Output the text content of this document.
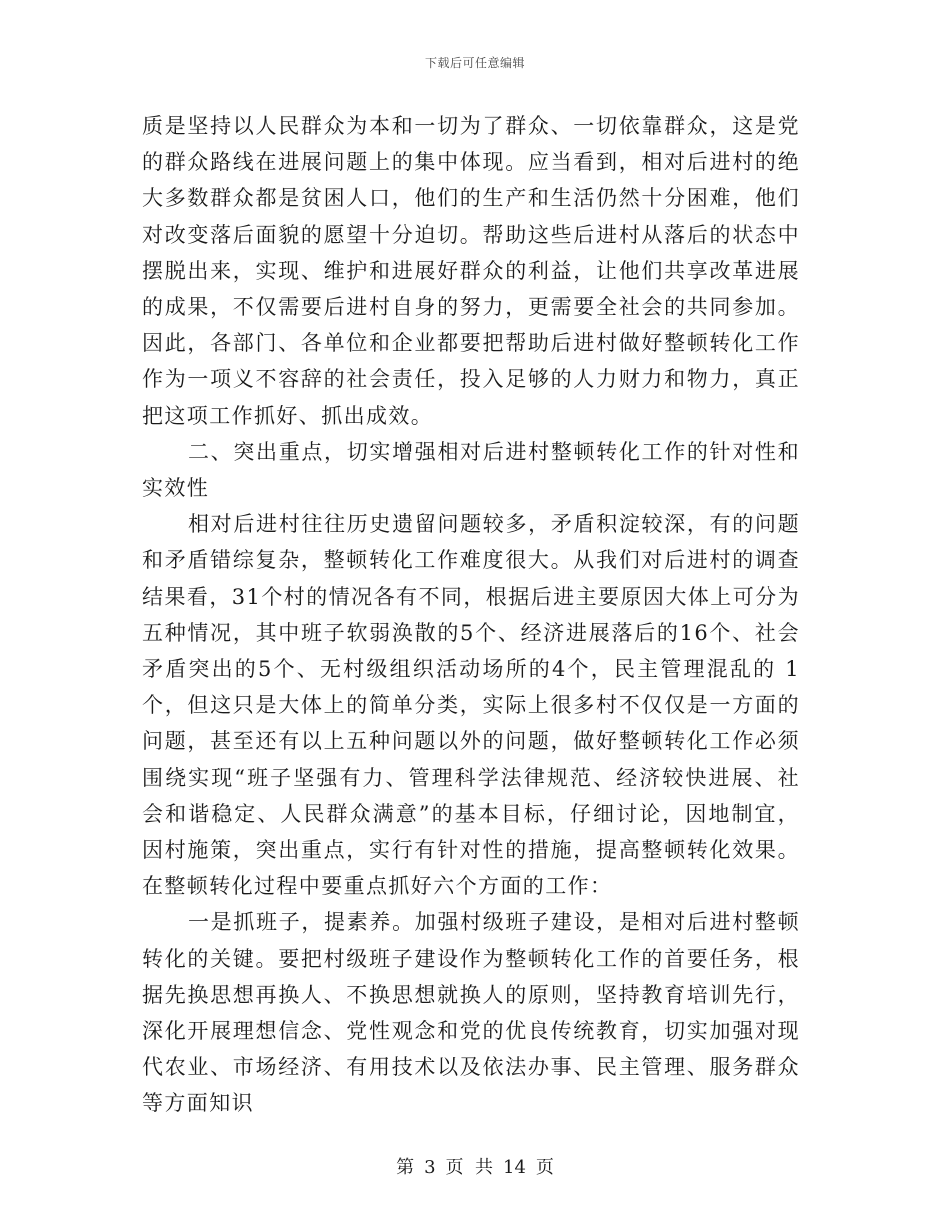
下载后可任意编辑

质是坚持以人民群众为本和一切为了群众、一切依靠群众，这是党的群众路线在进展问题上的集中体现。应当看到，相对后进村的绝大多数群众都是贫困人口，他们的生产和生活仍然十分困难，他们对改变落后面貌的愿望十分迫切。帮助这些后进村从落后的状态中摆脱出来，实现、维护和进展好群众的利益，让他们共享改革进展的成果，不仅需要后进村自身的努力，更需要全社会的共同参加。因此，各部门、各单位和企业都要把帮助后进村做好整顿转化工作作为一项义不容辞的社会责任，投入足够的人力财力和物力，真正把这项工作抓好、抓出成效。

二、突出重点，切实增强相对后进村整顿转化工作的针对性和实效性

相对后进村往往历史遗留问题较多，矛盾积淀较深，有的问题和矛盾错综复杂，整顿转化工作难度很大。从我们对后进村的调查结果看，31个村的情况各有不同，根据后进主要原因大体上可分为五种情况，其中班子软弱涣散的5个、经济进展落后的16个、社会矛盾突出的5个、无村级组织活动场所的4个，民主管理混乱的 1个，但这只是大体上的简单分类，实际上很多村不仅仅是一方面的问题，甚至还有以上五种问题以外的问题，做好整顿转化工作必须围绕实现“班子坚强有力、管理科学法律规范、经济较快进展、社会和谐稳定、人民群众满意”的基本目标，仔细讨论，因地制宜，因村施策，突出重点，实行有针对性的措施，提高整顿转化效果。在整顿转化过程中要重点抓好六个方面的工作：

一是抓班子，提素养。加强村级班子建设，是相对后进村整顿转化的关键。要把村级班子建设作为整顿转化工作的首要任务，根据先换思想再换人、不换思想就换人的原则，坚持教育培训先行，深化开展理想信念、党性观念和党的优良传统教育，切实加强对现代农业、市场经济、有用技术以及依法办事、民主管理、服务群众等方面知识

第 3 页  共 14 页
